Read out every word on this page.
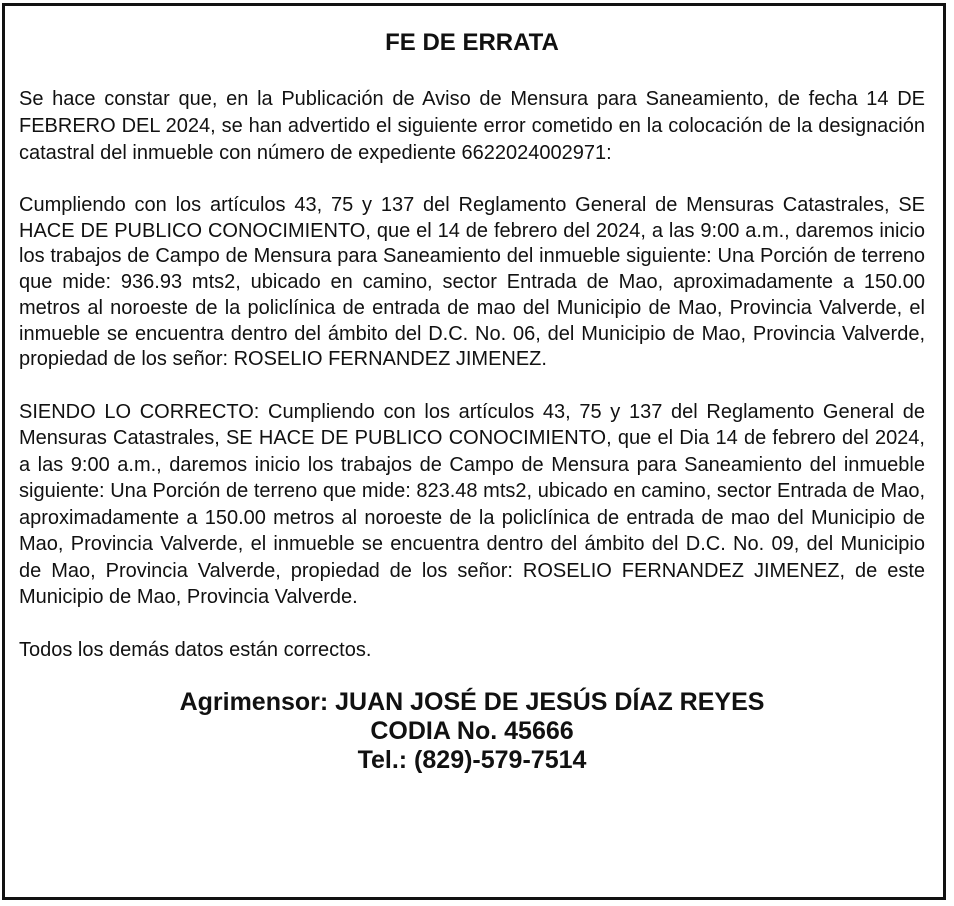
FE DE ERRATA

Se hace constar que, en la Publicación de Aviso de Mensura para Saneamiento, de fecha 14 DE FEBRERO DEL 2024, se han advertido el siguiente error cometido en la colocación de la designación catastral del inmueble con número de expediente 6622024002971:

Cumpliendo con los artículos 43, 75 y 137 del Reglamento General de Mensuras Catastrales, SE HACE DE PUBLICO CONOCIMIENTO, que el 14 de febrero del 2024, a las 9:00 a.m., daremos inicio los trabajos de Campo de Mensura para Saneamiento del inmueble siguiente: Una Porción de terreno que mide: 936.93 mts2, ubicado en camino, sector Entrada de Mao, aproximadamente a 150.00 metros al noroeste de la policlínica de entrada de mao del Municipio de Mao, Provincia Valverde, el inmueble se encuentra dentro del ámbito del D.C. No. 06, del Municipio de Mao, Provincia Valverde, propiedad de los señor: ROSELIO FERNANDEZ JIMENEZ.

SIENDO LO CORRECTO: Cumpliendo con los artículos 43, 75 y 137 del Reglamento General de Mensuras Catastrales, SE HACE DE PUBLICO CONOCIMIENTO, que el Dia 14 de febrero del 2024, a las 9:00 a.m., daremos inicio los trabajos de Campo de Mensura para Saneamiento del inmueble siguiente: Una Porción de terreno que mide: 823.48 mts2, ubicado en camino, sector Entrada de Mao, aproximadamente a 150.00 metros al noroeste de la policlínica de entrada de mao del Municipio de Mao, Provincia Valverde, el inmueble se encuentra dentro del ámbito del D.C. No. 09, del Municipio de Mao, Provincia Valverde, propiedad de los señor: ROSELIO FERNANDEZ JIMENEZ, de este Municipio de Mao, Provincia Valverde.

Todos los demás datos están correctos.

Agrimensor: JUAN JOSÉ DE JESÚS DÍAZ REYES
CODIA No. 45666
Tel.: (829)-579-7514
